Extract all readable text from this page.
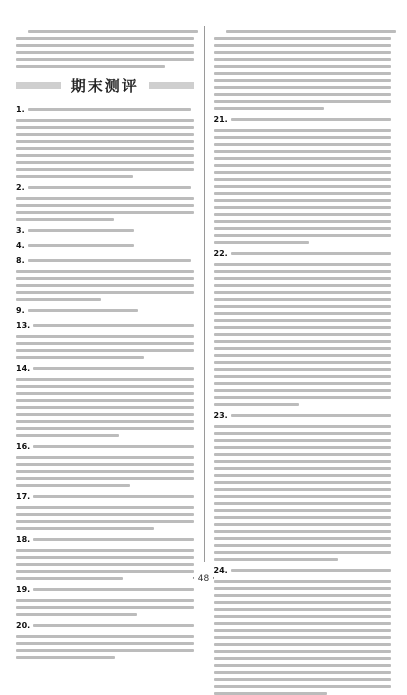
期末测评
1.
2.
3.
4.
8.
9.
13.
14.
16.
17.
18.
19.
20.
21.
22.
23.
24.
· 48 ·
